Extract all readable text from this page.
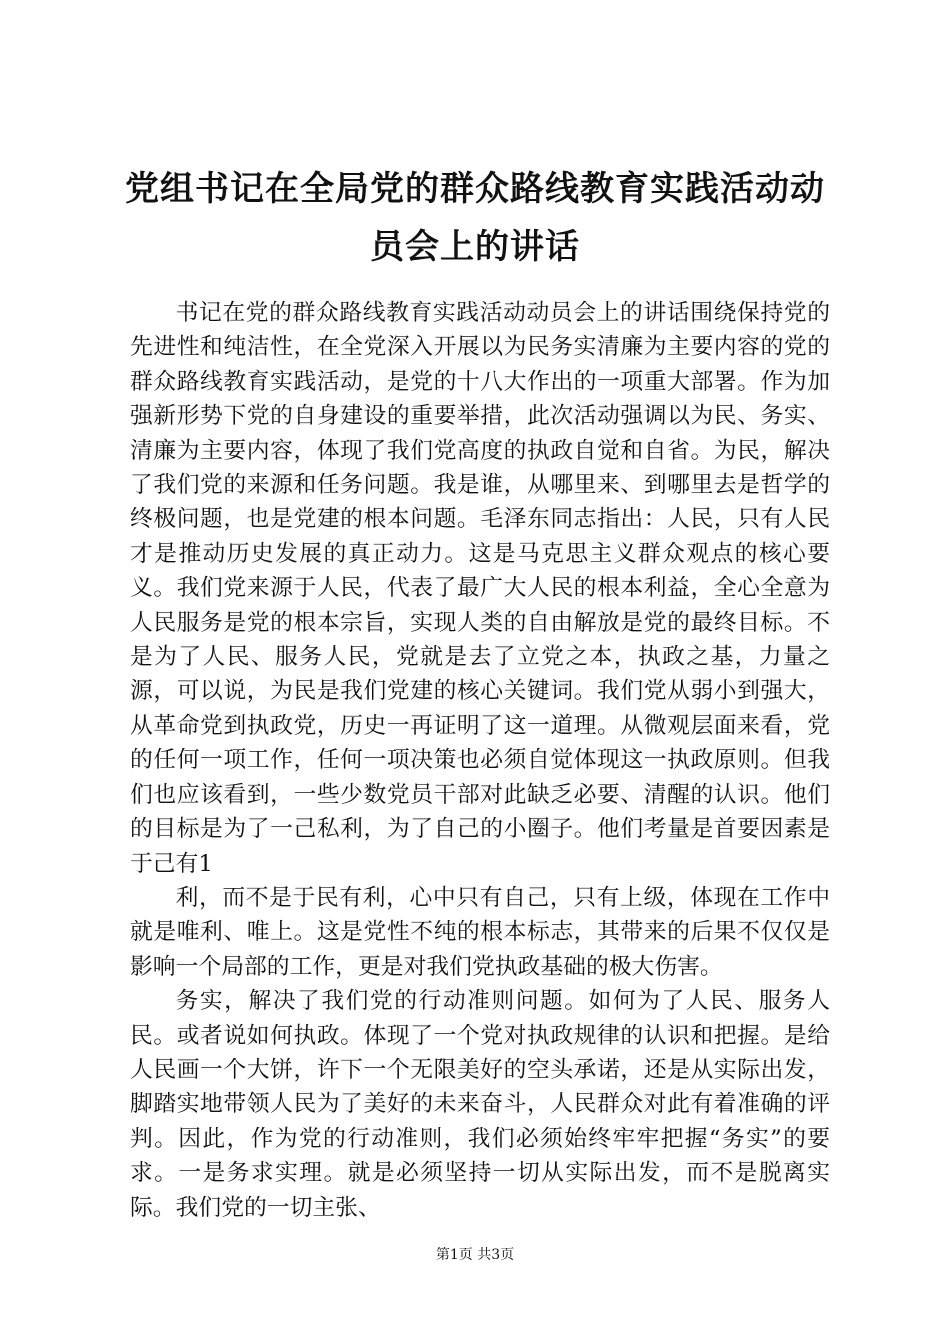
党组书记在全局党的群众路线教育实践活动动员会上的讲话

书记在党的群众路线教育实践活动动员会上的讲话围绕保持党的先进性和纯洁性，在全党深入开展以为民务实清廉为主要内容的党的群众路线教育实践活动，是党的十八大作出的一项重大部署。作为加强新形势下党的自身建设的重要举措，此次活动强调以为民、务实、清廉为主要内容，体现了我们党高度的执政自觉和自省。为民，解决了我们党的来源和任务问题。我是谁，从哪里来、到哪里去是哲学的终极问题，也是党建的根本问题。毛泽东同志指出：人民，只有人民才是推动历史发展的真正动力。这是马克思主义群众观点的核心要义。我们党来源于人民，代表了最广大人民的根本利益，全心全意为人民服务是党的根本宗旨，实现人类的自由解放是党的最终目标。不是为了人民、服务人民，党就是去了立党之本，执政之基，力量之源，可以说，为民是我们党建的核心关键词。我们党从弱小到强大，从革命党到执政党，历史一再证明了这一道理。从微观层面来看，党的任何一项工作，任何一项决策也必须自觉体现这一执政原则。但我们也应该看到，一些少数党员干部对此缺乏必要、清醒的认识。他们的目标是为了一己私利，为了自己的小圈子。他们考量是首要因素是于己有1

利，而不是于民有利，心中只有自己，只有上级，体现在工作中就是唯利、唯上。这是党性不纯的根本标志，其带来的后果不仅仅是影响一个局部的工作，更是对我们党执政基础的极大伤害。

务实，解决了我们党的行动准则问题。如何为了人民、服务人民。或者说如何执政。体现了一个党对执政规律的认识和把握。是给人民画一个大饼，许下一个无限美好的空头承诺，还是从实际出发，脚踏实地带领人民为了美好的未来奋斗，人民群众对此有着准确的评判。因此，作为党的行动准则，我们必须始终牢牢把握“务实”的要求。一是务求实理。就是必须坚持一切从实际出发，而不是脱离实际。我们党的一切主张、

第1页 共3页
